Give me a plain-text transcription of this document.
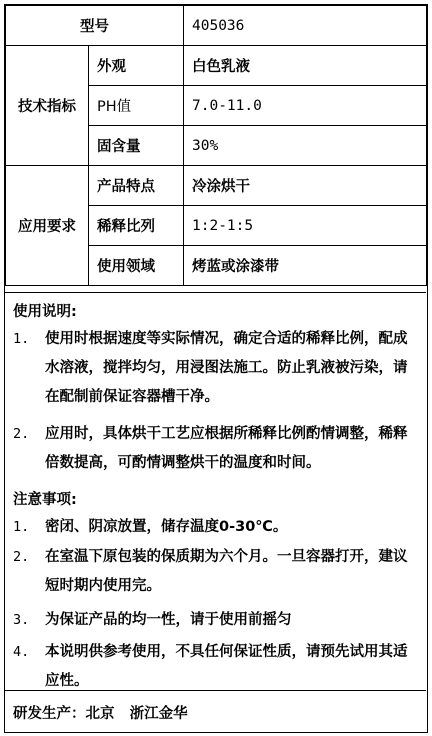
型号		405036
技术指标	外观	白色乳液
	PH值	7.0-11.0
	固含量	30%
应用要求	产品特点	冷涂烘干
	稀释比列	1:2-1:5
	使用领域	烤蓝或涂漆带
使用说明:
1.	使用时根据速度等实际情况，确定合适的稀释比例，配成水溶液，搅拌均匀，用浸图法施工。防止乳液被污染，请在配制前保证容器槽干净。
2.	应用时，具体烘干工艺应根据所稀释比例酌情调整，稀释倍数提高，可酌情调整烘干的温度和时间。
注意事项:
1.	密闭、阴凉放置，储存温度0-30℃。
2.	在室温下原包装的保质期为六个月。一旦容器打开，建议短时期内使用完。
3.	为保证产品的均一性，请于使用前摇匀
4.	本说明供参考使用，不具任何保证性质，请预先试用其适应性。
研发生产：北京   浙江金华
